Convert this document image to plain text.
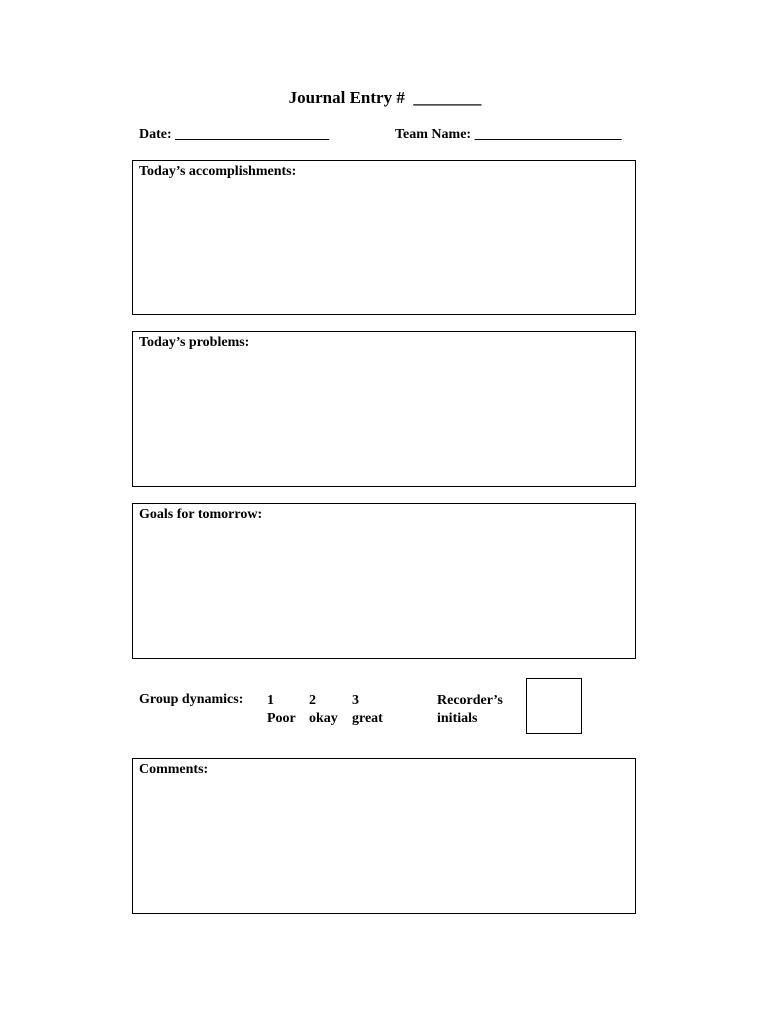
Journal Entry #  ________
Date: ______________________	Team Name: _____________________
Today’s accomplishments:
Today’s problems:
Goals for tomorrow:
Group dynamics: 1
Poor
2
okay
3
great
Recorder’s
initials
Comments:
